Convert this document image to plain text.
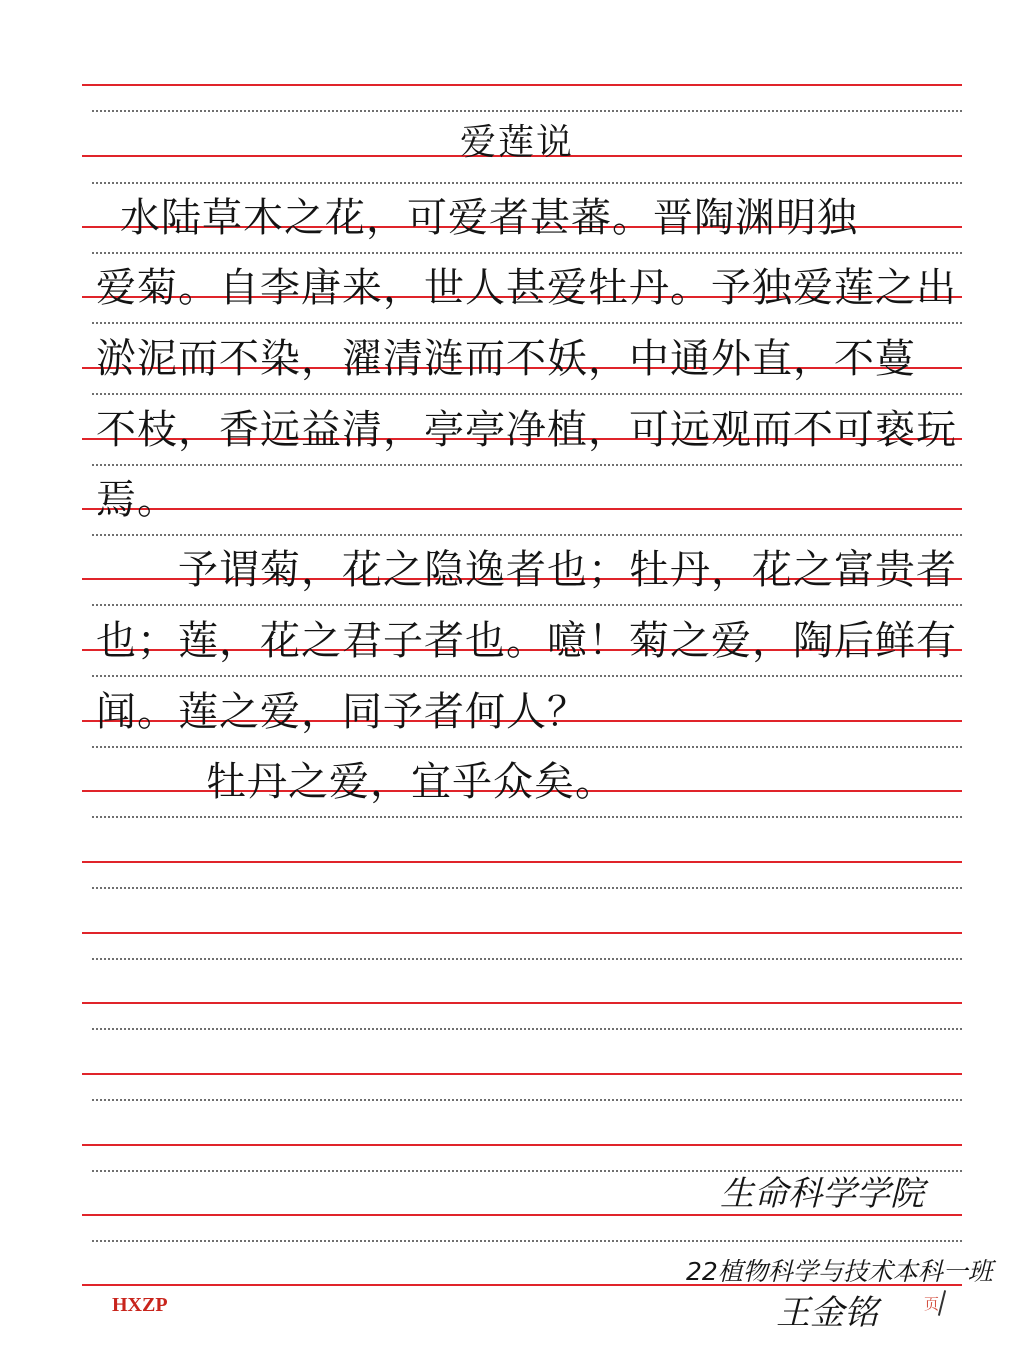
爱莲说
水陆草木之花，可爱者甚蕃。晋陶渊明独
爱菊。自李唐来，世人甚爱牡丹。予独爱莲之出
淤泥而不染，濯清涟而不妖，中通外直，不蔓
不枝，香远益清，亭亭净植，可远观而不可亵玩
焉。
予谓菊，花之隐逸者也；牡丹，花之富贵者
也；莲，花之君子者也。噫！菊之爱，陶后鲜有
闻。莲之爱，同予者何人？
牡丹之爱，宜乎众矣。
生命科学学院
22植物科学与技术本科一班
王金铭
HXZP	页
